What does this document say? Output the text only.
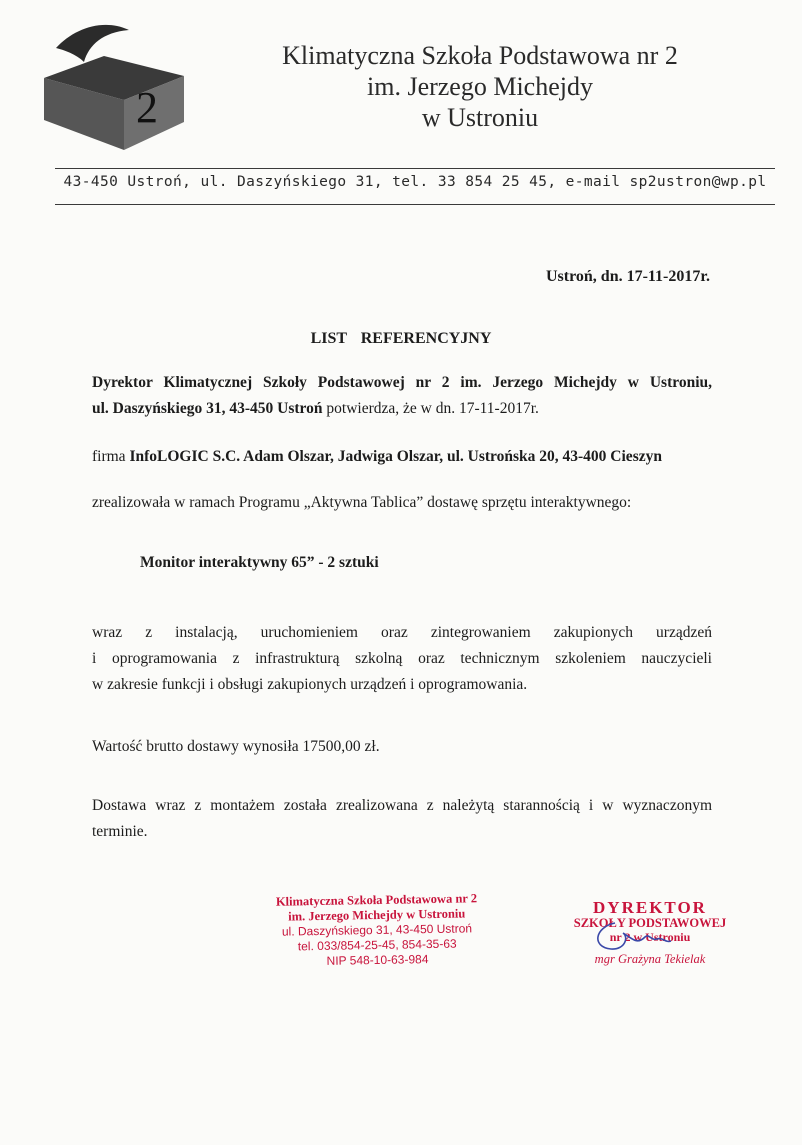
2
Klimatyczna Szkoła Podstawowa nr 2
im. Jerzego Michejdy
w Ustroniu
43-450 Ustroń, ul. Daszyńskiego 31, tel. 33 854 25 45, e-mail sp2ustron@wp.pl
Ustroń, dn. 17-11-2017r.
LIST REFERENCYJNY
Dyrektor Klimatycznej Szkoły Podstawowej nr 2 im. Jerzego Michejdy w Ustroniu,
ul. Daszyńskiego 31, 43-450 Ustroń potwierdza, że w dn. 17-11-2017r.
firma InfoLOGIC S.C. Adam Olszar, Jadwiga Olszar, ul. Ustrońska 20, 43-400 Cieszyn
zrealizowała w ramach Programu „Aktywna Tablica” dostawę sprzętu interaktywnego:
Monitor interaktywny 65” - 2 sztuki
wraz z instalacją, uruchomieniem oraz zintegrowaniem zakupionych urządzeń
i oprogramowania z infrastrukturą szkolną oraz technicznym szkoleniem nauczycieli
w zakresie funkcji i obsługi zakupionych urządzeń i oprogramowania.
Wartość brutto dostawy wynosiła 17500,00 zł.
Dostawa wraz z montażem została zrealizowana z należytą starannością i w wyznaczonym
terminie.
Klimatyczna Szkoła Podstawowa nr 2
im. Jerzego Michejdy w Ustroniu
ul. Daszyńskiego 31, 43-450 Ustroń
tel. 033/854-25-45, 854-35-63
NIP 548-10-63-984
DYREKTOR
SZKOŁY PODSTAWOWEJ
nr 2 w Ustroniu
mgr Grażyna Tekielak
